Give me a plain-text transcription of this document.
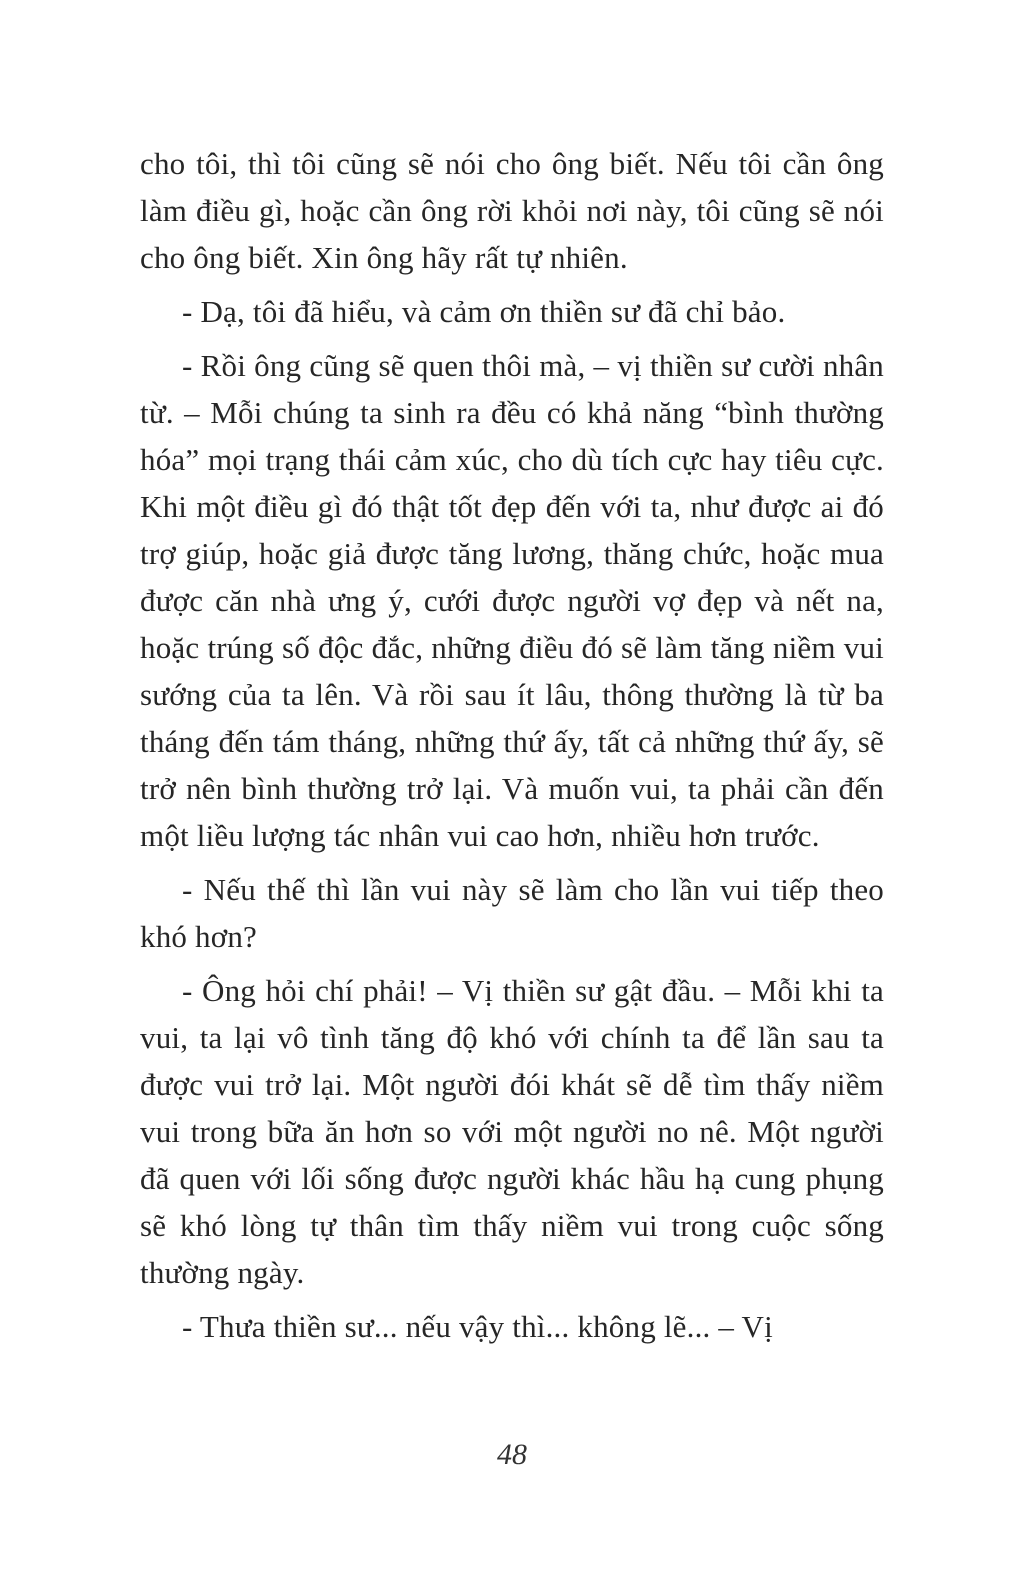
cho tôi, thì tôi cũng sẽ nói cho ông biết. Nếu tôi cần ông làm điều gì, hoặc cần ông rời khỏi nơi này, tôi cũng sẽ nói cho ông biết. Xin ông hãy rất tự nhiên.

- Dạ, tôi đã hiểu, và cảm ơn thiền sư đã chỉ bảo.

- Rồi ông cũng sẽ quen thôi mà, – vị thiền sư cười nhân từ. – Mỗi chúng ta sinh ra đều có khả năng “bình thường hóa” mọi trạng thái cảm xúc, cho dù tích cực hay tiêu cực. Khi một điều gì đó thật tốt đẹp đến với ta, như được ai đó trợ giúp, hoặc giả được tăng lương, thăng chức, hoặc mua được căn nhà ưng ý, cưới được người vợ đẹp và nết na, hoặc trúng số độc đắc, những điều đó sẽ làm tăng niềm vui sướng của ta lên. Và rồi sau ít lâu, thông thường là từ ba tháng đến tám tháng, những thứ ấy, tất cả những thứ ấy, sẽ trở nên bình thường trở lại. Và muốn vui, ta phải cần đến một liều lượng tác nhân vui cao hơn, nhiều hơn trước.

- Nếu thế thì lần vui này sẽ làm cho lần vui tiếp theo khó hơn?

- Ông hỏi chí phải! – Vị thiền sư gật đầu. – Mỗi khi ta vui, ta lại vô tình tăng độ khó với chính ta để lần sau ta được vui trở lại. Một người đói khát sẽ dễ tìm thấy niềm vui trong bữa ăn hơn so với một người no nê. Một người đã quen với lối sống được người khác hầu hạ cung phụng sẽ khó lòng tự thân tìm thấy niềm vui trong cuộc sống thường ngày.

- Thưa thiền sư... nếu vậy thì... không lẽ... – Vị

48
